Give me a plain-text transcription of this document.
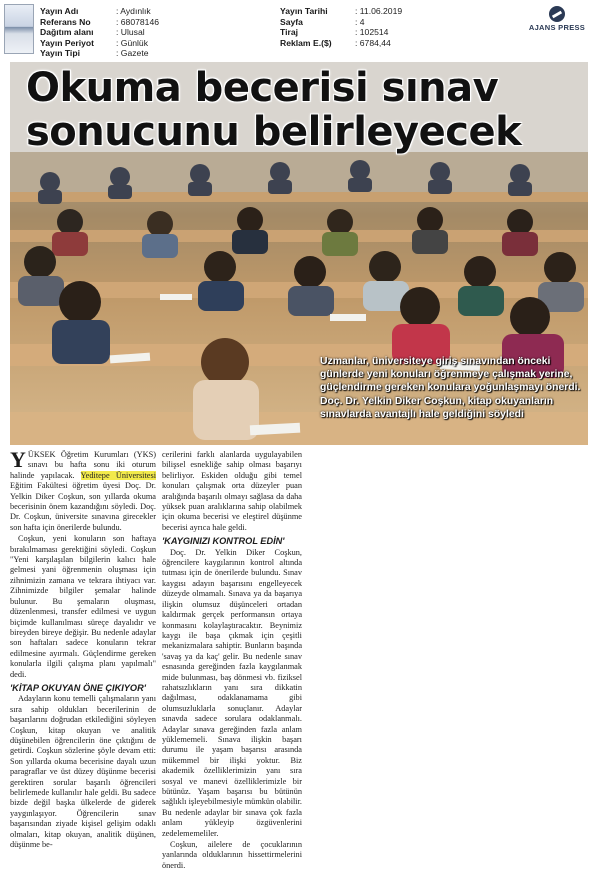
Yayın Adı	: Aydınlık
Referans No	: 68078146
Dağıtım alanı	: Ulusal
Yayın Periyot	: Günlük
Yayın Tipi	: Gazete
Yayın Tarihi	: 11.06.2019
Sayfa	: 4
Tiraj	: 102514
Reklam E.($)	: 6784,44
AJANS PRESS
Okuma becerisi sınav
sonucunu belirleyecek
Uzmanlar, üniversiteye giriş sınavından önceki günlerde yeni konuları öğrenmeye çalışmak yerine, güçlendirme gereken konulara yoğunlaşmayı önerdi. Doç. Dr. Yelkin Diker Coşkun, kitap okuyanların sınavlarda avantajlı hale geldiğini söyledi

YÜKSEK Öğretim Kurumları (YKS) sınavı bu hafta sonu iki oturum halinde yapılacak. Yeditepe Üniversitesi Eğitim Fakültesi öğretim üyesi Doç. Dr. Yelkin Diker Coşkun, son yıllarda okuma becerisinin önem kazandığını söyledi. Doç. Dr. Coşkun, üniversite sınavına girecekler son hafta için önerilerde bulundu.

Coşkun, yeni konuların son haftaya bırakılmaması gerektiğini söyledi. Coşkun "Yeni karşılaşılan bilgilerin kalıcı hale gelmesi yani öğrenmenin oluşması için zihnimizin zamana ve tekrara ihtiyacı var. Zihnimizde bilgiler şemalar halinde bulunur. Bu şemaların oluşması, düzenlenmesi, transfer edilmesi ve uygun biçimde kullanılması süreçe dayalıdır ve bireyden bireye değişir. Bu nedenle adaylar son haftaları sadece konuların tekrar edilmesine ayırmalı. Güçlendirme gereken konularla ilgili çalışma planı yapılmalı" dedi.

'KİTAP OKUYAN ÖNE ÇIKIYOR'

Adayların konu temelli çalışmaların yanı sıra sahip oldukları becerilerinin de başarılarını doğrudan etkilediğini söyleyen Coşkun, kitap okuyan ve analitik düşünebilen öğrencilerin öne çıktığını de getirdi. Coşkun sözlerine şöyle devam etti: Son yıllarda okuma becerisine dayalı uzun paragraflar ve üst düzey düşünme becerisi gerektiren sorular başarılı öğrencileri belirlemede kullanılır hale geldi. Bu sadece bizde değil başka ülkelerde de giderek yaygınlaşıyor. Öğrencilerin sınav başarısından ziyade kişisel gelişim odaklı olmaları, kitap okuyan, analitik düşünen, düşünme be-

cerilerini farklı alanlarda uygulayabilen bilişsel esnekliğe sahip olması başarıyı belirliyor. Eskiden olduğu gibi temel konuları çalışmak orta düzeyler puan aralığında başarılı olmayı sağlasa da daha yüksek puan aralıklarına sahip olabilmek için okuma becerisi ve eleştirel düşünme becerisi ayrıca hale geldi.

'KAYGINIZI KONTROL EDİN'

Doç. Dr. Yelkin Diker Coşkun, öğrencilere kaygılarının kontrol altında tutması için de önerilerde bulundu. Sınav kaygısı adayın başarısını engelleyecek düzeyde olmamalı. Sınava ya da başarıya ilişkin olumsuz düşünceleri ortadan kaldırmak gerçek performansın ortaya konmasını kolaylaştıracaktır. Beynimiz kaygı ile başa çıkmak için çeşitli mekanizmalara sahiptir. Bunların başında 'savaş ya da kaç' gelir. Bu nedenle sınav esnasında gereğinden fazla kaygılanmak mide bulunması, baş dönmesi vb. fiziksel rahatsızlıkların yanı sıra dikkatin dağılması, odaklanamama gibi olumsuzluklarla sonuçlanır. Adaylar sınavda sadece sorulara odaklanmalı. Adaylar sınava gereğinden fazla anlam yüklememeli. Sınava ilişkin başarı durumu ile yaşam başarısı arasında mükemmel bir ilişki yoktur. Biz akademik özelliklerimizin yanı sıra sosyal ve manevi özelliklerimizle bir bütünüz. Yaşam başarısı bu bütünün sağlıklı işleyebilmesiyle mümkün olabilir. Bu nedenle adaylar bir sınava çok fazla anlam yükleyip özgüvenlerini zedelememeliler.

Coşkun, ailelere de çocuklarının yanlarında olduklarının hissettirmelerini önerdi.
